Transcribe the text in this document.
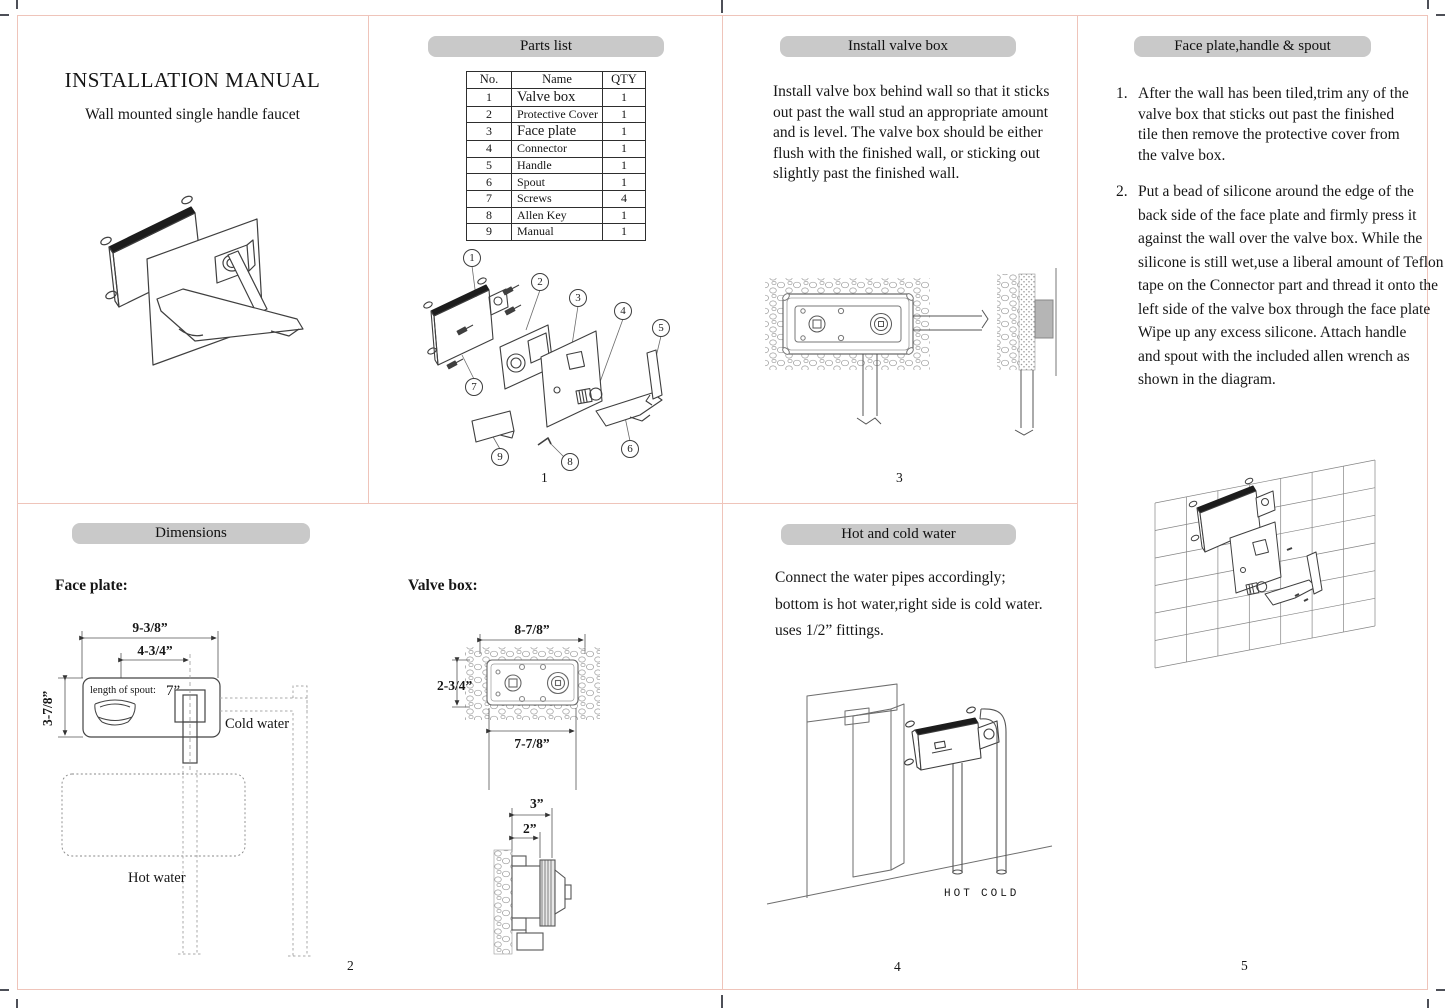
INSTALLATION MANUAL
Wall mounted single handle faucet
Parts list
No.	Name	QTY
1	Valve box	1
2	Protective Cover	1
3	Face plate	1
4	Connector	1
5	Handle	1
6	Spout	1
7	Screws	4
8	Allen Key	1
9	Manual	1
1
2
3
4
5
6
7
8
9
1
Install valve box
Install valve box behind wall so that it sticks
out past the wall stud an appropriate amount
and is level. The valve box should be either
flush with the finished wall, or sticking out
slightly past the finished wall.
3
Face plate,handle & spout
1. After the wall has been tiled,trim any of the
valve box that sticks out past the finished
tile then remove the protective cover from
the valve box.
2. Put a bead of silicone around the edge of the
back side of the face plate and firmly press it
against the wall over the valve box. While the
silicone is still wet,use a liberal amount of Teflon
tape on the Connector part and thread it onto the
left side of the valve box through the face plate
Wipe up any excess silicone. Attach handle
and spout with the included allen wrench as
shown in the diagram.
5
Dimensions
Face plate:	Valve box:
9-3/8”
4-3/4”
3-7/8”
length of spout: 7”
Cold water
Hot water
8-7/8”
2-3/4”
7-7/8”
3”
2”
2
Hot and cold water
Connect the water pipes accordingly;
bottom is hot water,right side is cold water.
uses 1/2” fittings.
HOT COLD
4
